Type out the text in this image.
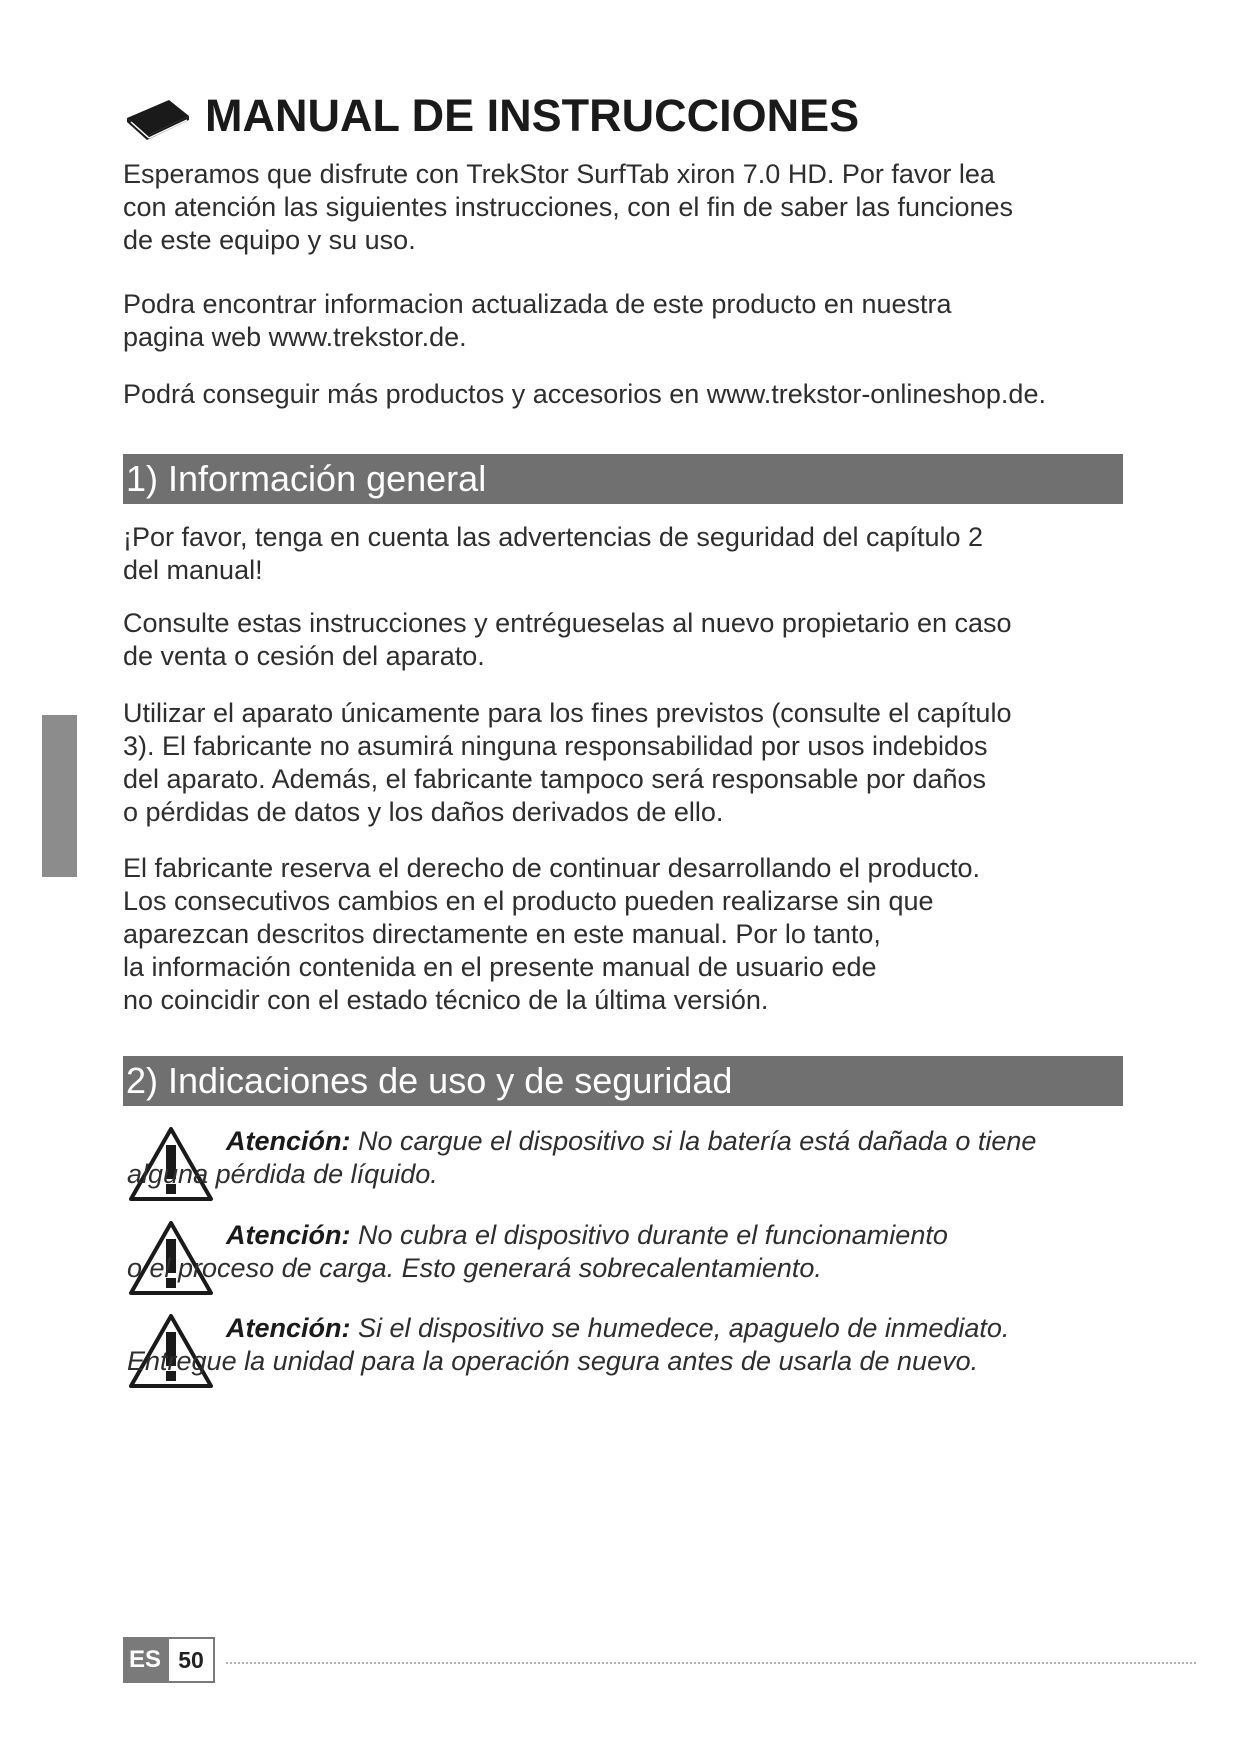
MANUAL DE INSTRUCCIONES
Esperamos que disfrute con TrekStor SurfTab xiron 7.0 HD. Por favor lea
con atención las siguientes instrucciones, con el fin de saber las funciones
de este equipo y su uso.
Podra encontrar informacion actualizada de este producto en nuestra
pagina web www.trekstor.de.
Podrá conseguir más productos y accesorios en www.trekstor-onlineshop.de.
1) Información general
¡Por favor, tenga en cuenta las advertencias de seguridad del capítulo 2
del manual!
Consulte estas instrucciones y entrégueselas al nuevo propietario en caso
de venta o cesión del aparato.
Utilizar el aparato únicamente para los fines previstos (consulte el capítulo
3). El fabricante no asumirá ninguna responsabilidad por usos indebidos
del aparato. Además, el fabricante tampoco será responsable por daños
o pérdidas de datos y los daños derivados de ello.
El fabricante reserva el derecho de continuar desarrollando el producto.
Los consecutivos cambios en el producto pueden realizarse sin que
aparezcan descritos directamente en este manual. Por lo tanto,
la información contenida en el presente manual de usuario ede
no coincidir con el estado técnico de la última versión.
2) Indicaciones de uso y de seguridad
Atención: No cargue el dispositivo si la batería está dañada o tiene
alguna pérdida de líquido.
Atención: No cubra el dispositivo durante el funcionamiento
o el proceso de carga. Esto generará sobrecalentamiento.
Atención: Si el dispositivo se humedece, apaguelo de inmediato.
Entregue la unidad para la operación segura antes de usarla de nuevo.
ES 50
